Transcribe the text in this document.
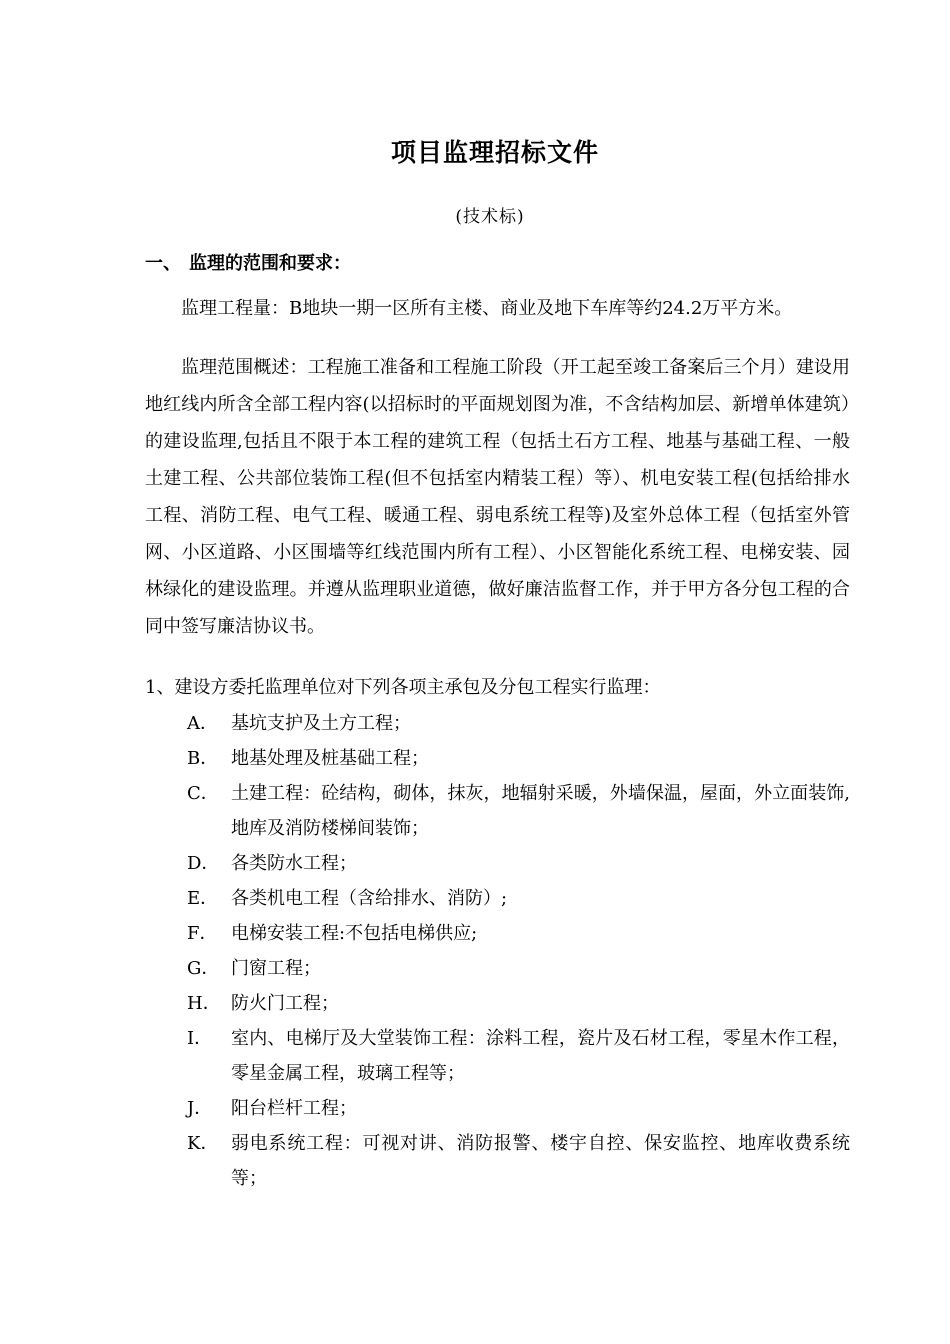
项目监理招标文件
(技术标)
一、 监理的范围和要求：
监理工程量：B地块一期一区所有主楼、商业及地下车库等约24.2万平方米。
监理范围概述：工程施工准备和工程施工阶段（开工起至竣工备案后三个月）建设用地红线内所含全部工程内容(以招标时的平面规划图为准，不含结构加层、新增单体建筑）的建设监理,包括且不限于本工程的建筑工程（包括土石方工程、地基与基础工程、一般土建工程、公共部位装饰工程(但不包括室内精装工程）等）、机电安装工程(包括给排水工程、消防工程、电气工程、暖通工程、弱电系统工程等)及室外总体工程（包括室外管网、小区道路、小区围墙等红线范围内所有工程）、小区智能化系统工程、电梯安装、园林绿化的建设监理。并遵从监理职业道德，做好廉洁监督工作，并于甲方各分包工程的合同中签写廉洁协议书。
1、建设方委托监理单位对下列各项主承包及分包工程实行监理：
A． 基坑支护及土方工程；
B． 地基处理及桩基础工程；
C． 土建工程：砼结构，砌体，抹灰，地辐射采暖，外墙保温，屋面，外立面装饰,地库及消防楼梯间装饰；
D． 各类防水工程；
E． 各类机电工程（含给排水、消防）;
F． 电梯安装工程:不包括电梯供应;
G． 门窗工程；
H． 防火门工程；
I．	室内、电梯厅及大堂装饰工程：涂料工程，瓷片及石材工程，零星木作工程，零星金属工程，玻璃工程等；
J．	阳台栏杆工程；
K． 弱电系统工程：可视对讲、消防报警、楼宇自控、保安监控、地库收费系统等；
